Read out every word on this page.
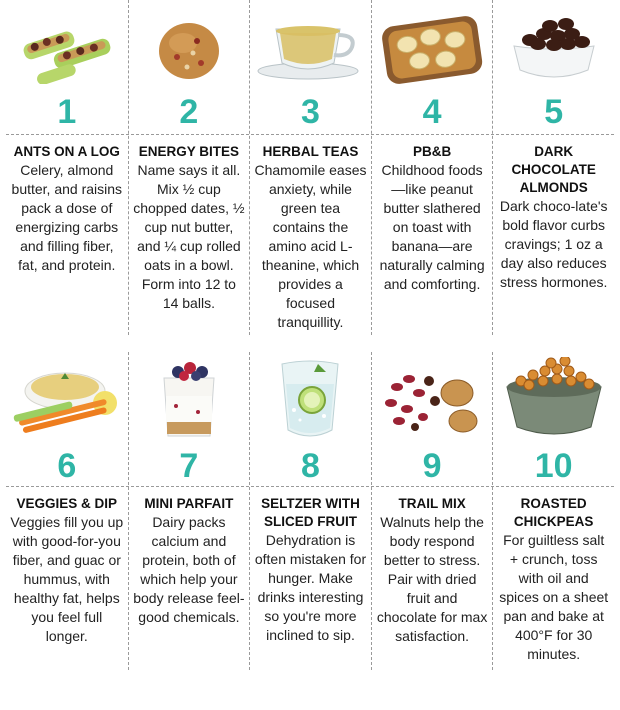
1
ANTS ON A LOG
Celery, almond butter, and raisins pack a dose of energizing carbs and filling fiber, fat, and protein.
2
ENERGY BITES
Name says it all. Mix ½ cup chopped dates, ½ cup nut butter, and ¼ cup rolled oats in a bowl. Form into 12 to 14 balls.
3
HERBAL TEAS
Chamomile eases anxiety, while green tea contains the amino acid L-theanine, which provides a focused tranquillity.
4
PB&B
Childhood foods—like peanut butter slathered on toast with banana—are naturally calming and comforting.
5
DARK CHOCOLATE ALMONDS
Dark choco-late's bold flavor curbs cravings; 1 oz a day also reduces stress hormones.
6
VEGGIES & DIP
Veggies fill you up with good-for-you fiber, and guac or hummus, with healthy fat, helps you feel full longer.
7
MINI PARFAIT
Dairy packs calcium and protein, both of which help your body release feel-good chemicals.
8
SELTZER WITH SLICED FRUIT
Dehydration is often mistaken for hunger. Make drinks interesting so you're more inclined to sip.
9
TRAIL MIX
Walnuts help the body respond better to stress. Pair with dried fruit and chocolate for max satisfaction.
10
ROASTED CHICKPEAS
For guiltless salt + crunch, toss with oil and spices on a sheet pan and bake at 400°F for 30 minutes.
